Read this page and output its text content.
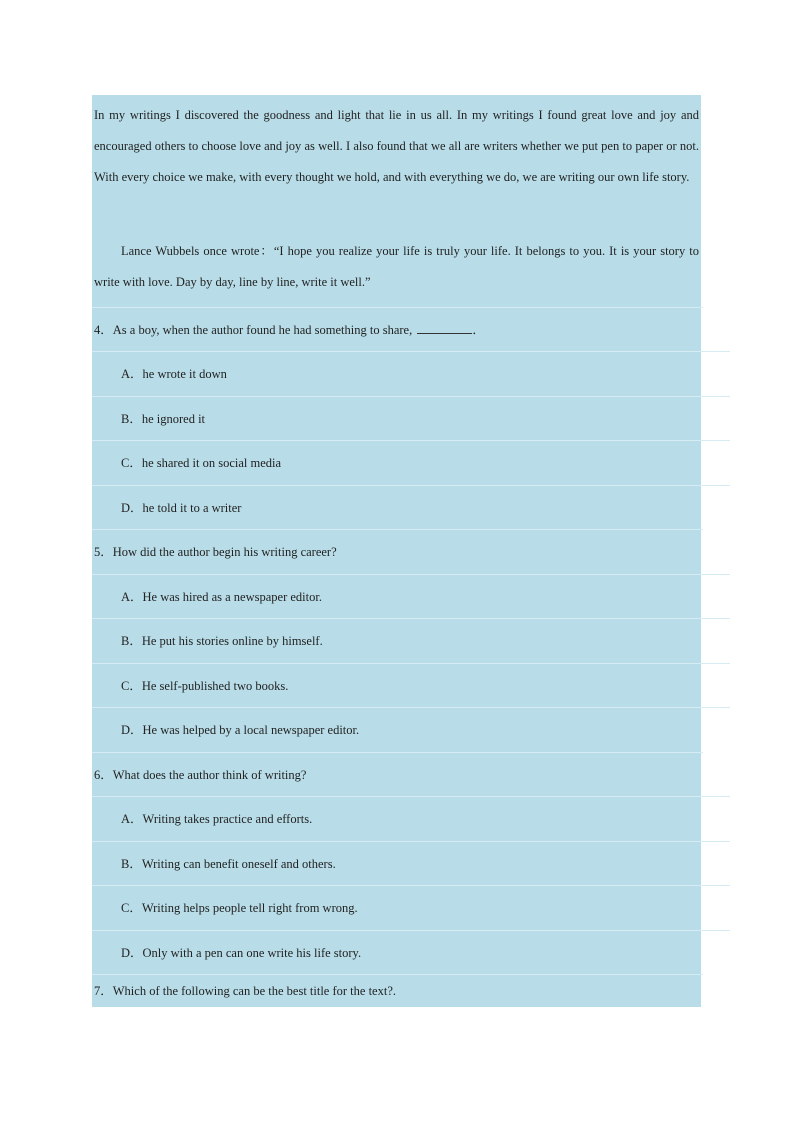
In my writings I discovered the goodness and light that lie in us all. In my writings I found great love and joy and encouraged others to choose love and joy as well. I also found that we all are writers whether we put pen to paper or not. With every choice we make, with every thought we hold, and with everything we do, we are writing our own life story.
Lance Wubbels once wrote：“I hope you realize your life is truly your life. It belongs to you. It is your story to write with love. Day by day, line by line, write it well.”
4．As a boy, when the author found he had something to share,	．
A．he wrote it down
B．he ignored it
C．he shared it on social media
D．he told it to a writer
5．How did the author begin his writing career?
A．He was hired as a newspaper editor.
B．He put his stories online by himself.
C．He self-published two books.
D．He was helped by a local newspaper editor.
6．What does the author think of writing?
A．Writing takes practice and efforts.
B．Writing can benefit oneself and others.
C．Writing helps people tell right from wrong.
D．Only with a pen can one write his life story.
7．Which of the following can be the best title for the text?.
